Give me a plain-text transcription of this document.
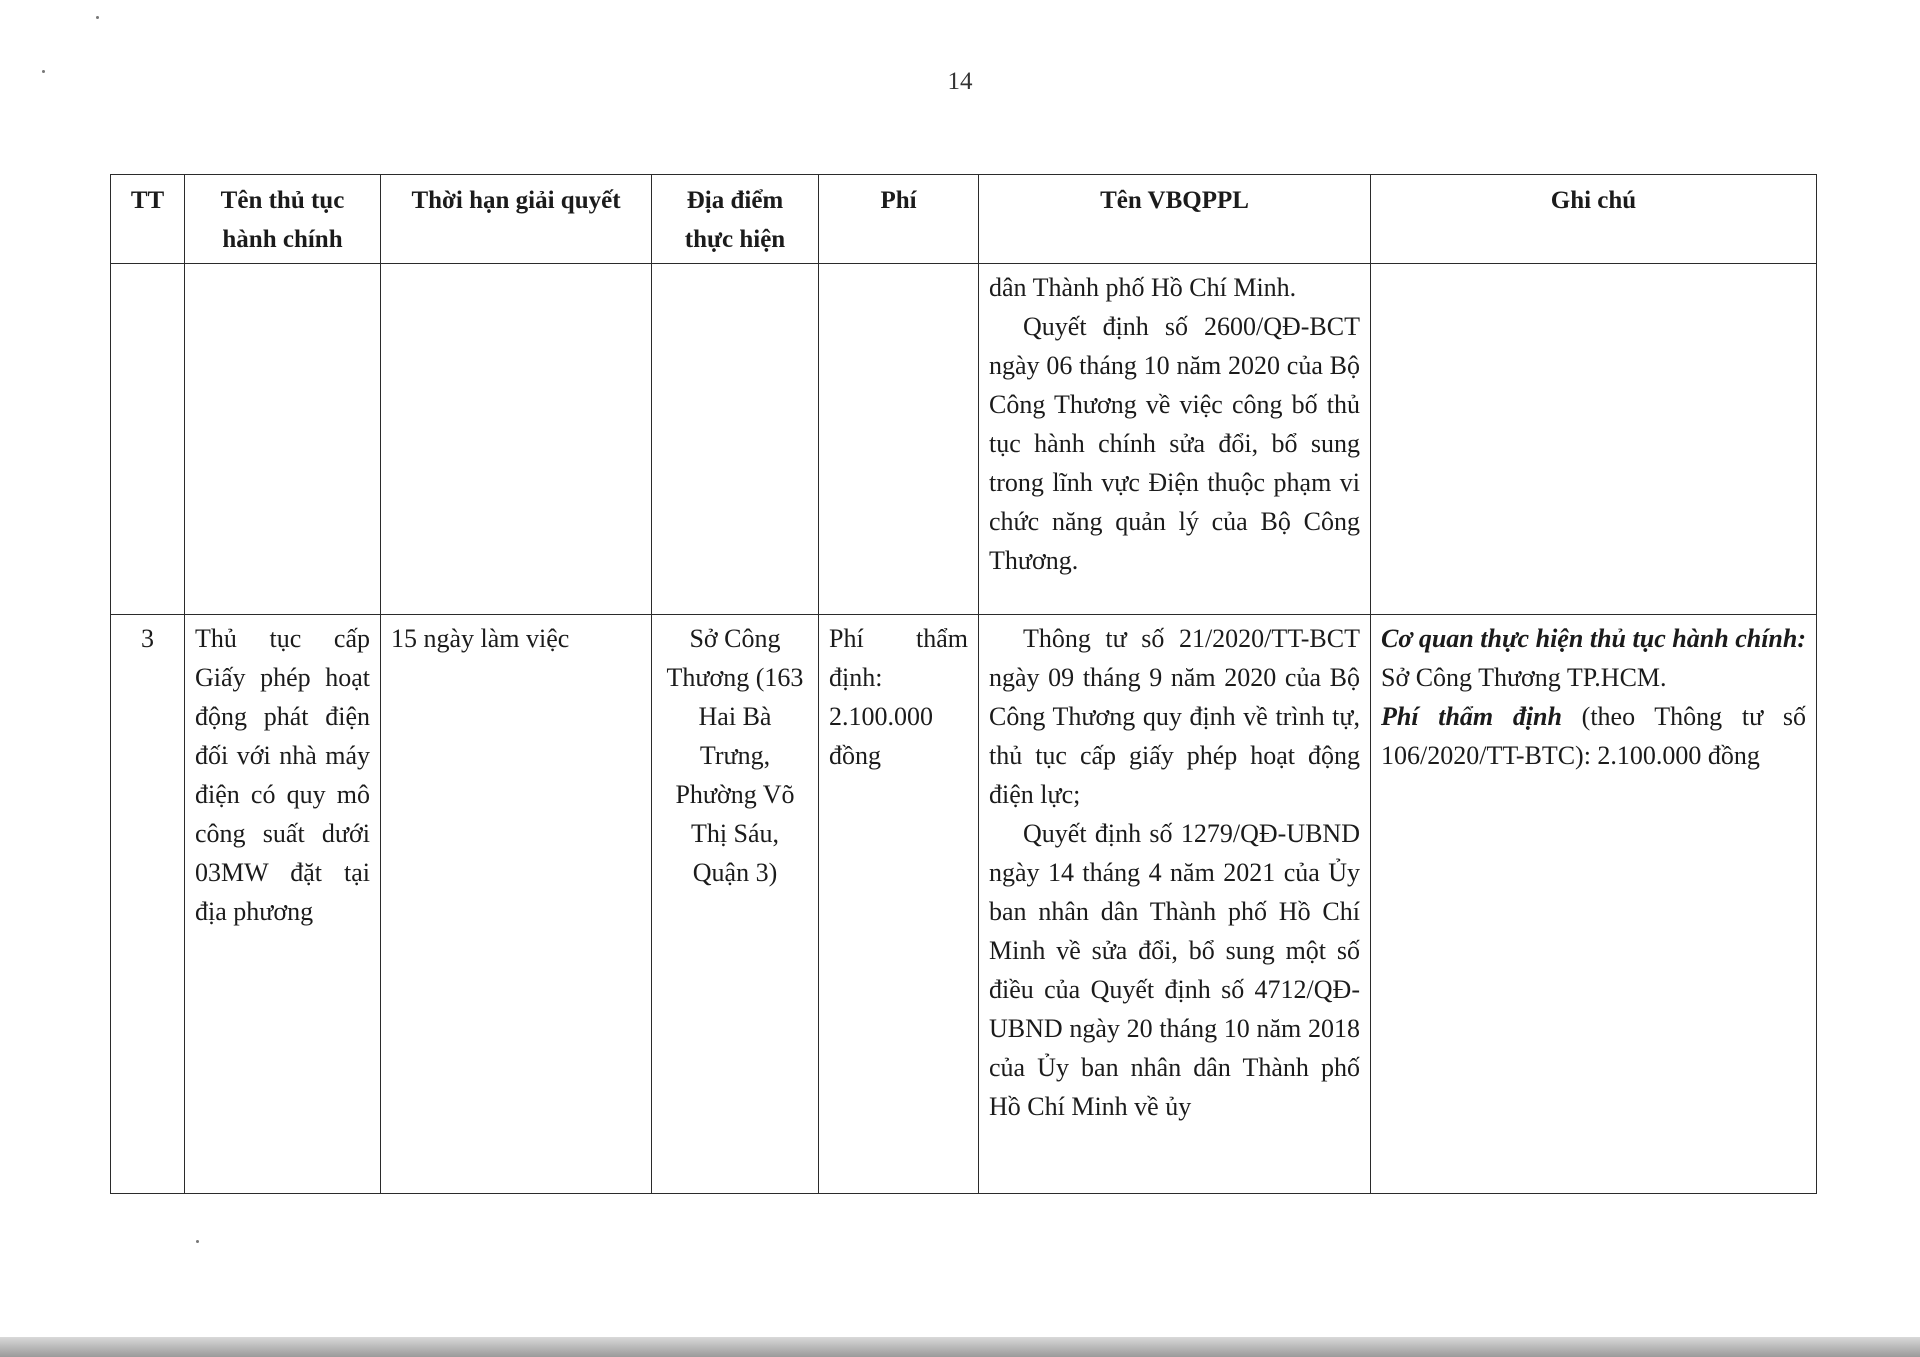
14
TT	Tên thủ tục hành chính	Thời hạn giải quyết	Địa điểm thực hiện	Phí	Tên VBQPPL	Ghi chú

					dân Thành phố Hồ Chí Minh.
Quyết định số 2600/QĐ-BCT ngày 06 tháng 10 năm 2020 của Bộ Công Thương về việc công bố thủ tục hành chính sửa đổi, bổ sung trong lĩnh vực Điện thuộc phạm vi chức năng quản lý của Bộ Công Thương.	

3	Thủ tục cấp Giấy phép hoạt động phát điện đối với nhà máy điện có quy mô công suất dưới 03MW đặt tại địa phương	15 ngày làm việc	Sở Công Thương (163 Hai Bà Trưng, Phường Võ Thị Sáu, Quận 3)	Phí thẩm định: 2.100.000 đồng	Thông tư số 21/2020/TT-BCT ngày 09 tháng 9 năm 2020 của Bộ Công Thương quy định về trình tự, thủ tục cấp giấy phép hoạt động điện lực;
Quyết định số 1279/QĐ-UBND ngày 14 tháng 4 năm 2021 của Ủy ban nhân dân Thành phố Hồ Chí Minh về sửa đổi, bổ sung một số điều của Quyết định số 4712/QĐ-UBND ngày 20 tháng 10 năm 2018 của Ủy ban nhân dân Thành phố Hồ Chí Minh về ủy	Cơ quan thực hiện thủ tục hành chính: Sở Công Thương TP.HCM.
Phí thẩm định (theo Thông tư số 106/2020/TT-BTC): 2.100.000 đồng
